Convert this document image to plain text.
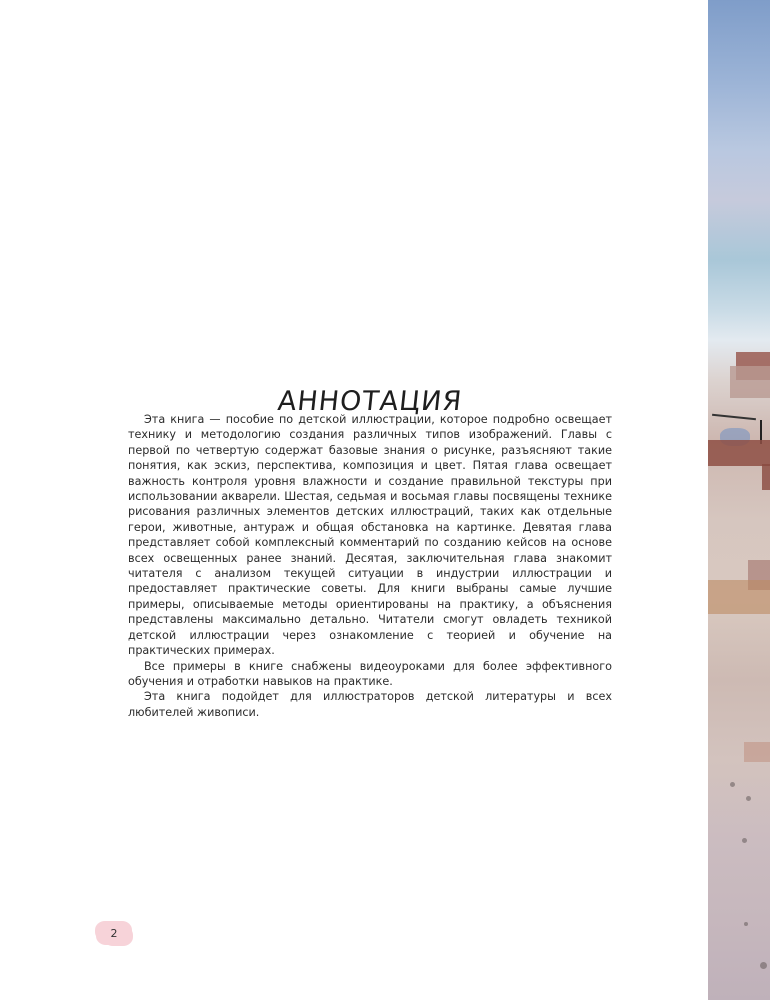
АННОТАЦИЯ

Эта книга — пособие по детской иллюстрации, которое подробно освещает технику и методологию создания различных типов изображений. Главы с первой по четвертую содержат базовые знания о рисунке, разъясняют такие понятия, как эскиз, перспектива, композиция и цвет. Пятая глава освещает важность контроля уровня влажности и создание правильной текстуры при использовании акварели. Шестая, седьмая и восьмая главы посвящены технике рисования различных элементов детских иллюстраций, таких как отдельные герои, животные, антураж и общая обстановка на картинке. Девятая глава представляет собой комплексный комментарий по созданию кейсов на основе всех освещенных ранее знаний. Десятая, заключительная глава знакомит читателя с анализом текущей ситуации в индустрии иллюстрации и предоставляет практические советы. Для книги выбраны самые лучшие примеры, описываемые методы ориентированы на практику, а объяснения представлены максимально детально. Читатели смогут овладеть техникой детской иллюстрации через ознакомление с теорией и обучение на практических примерах.

Все примеры в книге снабжены видеоуроками для более эффективного обучения и отработки навыков на практике.

Эта книга подойдет для иллюстраторов детской литературы и всех любителей живописи.

2
